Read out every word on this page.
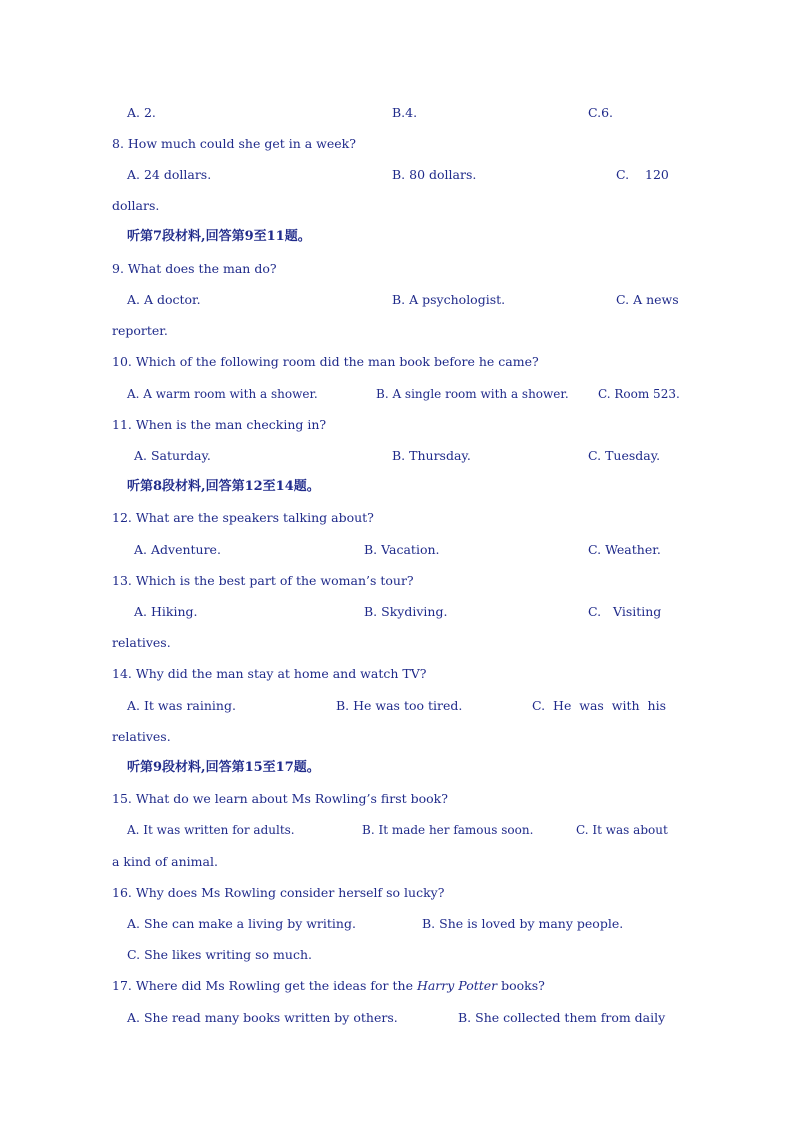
A. 2.	B.4.	C.6.
8. How much could she get in a week?
A. 24 dollars.	B. 80 dollars.	C.    120
dollars.
听第7段材料,回答第9至11题。
9. What does the man do?
A. A doctor.	B. A psychologist.	C. A news
reporter.
10. Which of the following room did the man book before he came?
A. A warm room with a shower.	B. A single room with a shower. C. Room 523.
11. When is the man checking in?
A. Saturday.	B. Thursday.	C. Tuesday.
听第8段材料,回答第12至14题。
12. What are the speakers talking about?
A. Adventure.	B. Vacation.	C. Weather.
13. Which is the best part of the woman’s tour?
A. Hiking.	B. Skydiving.	C.   Visiting
relatives.
14. Why did the man stay at home and watch TV?
A. It was raining.	B. He was too tired.	C.  He  was  with  his
relatives.
听第9段材料,回答第15至17题。
15. What do we learn about Ms Rowling’s first book?
A. It was written for adults.	B. It made her famous soon.	C. It was about
a kind of animal.
16. Why does Ms Rowling consider herself so lucky?
A. She can make a living by writing.	B. She is loved by many people.
C. She likes writing so much.
17. Where did Ms Rowling get the ideas for the Harry Potter books?
A. She read many books written by others.	B. She collected them from daily
